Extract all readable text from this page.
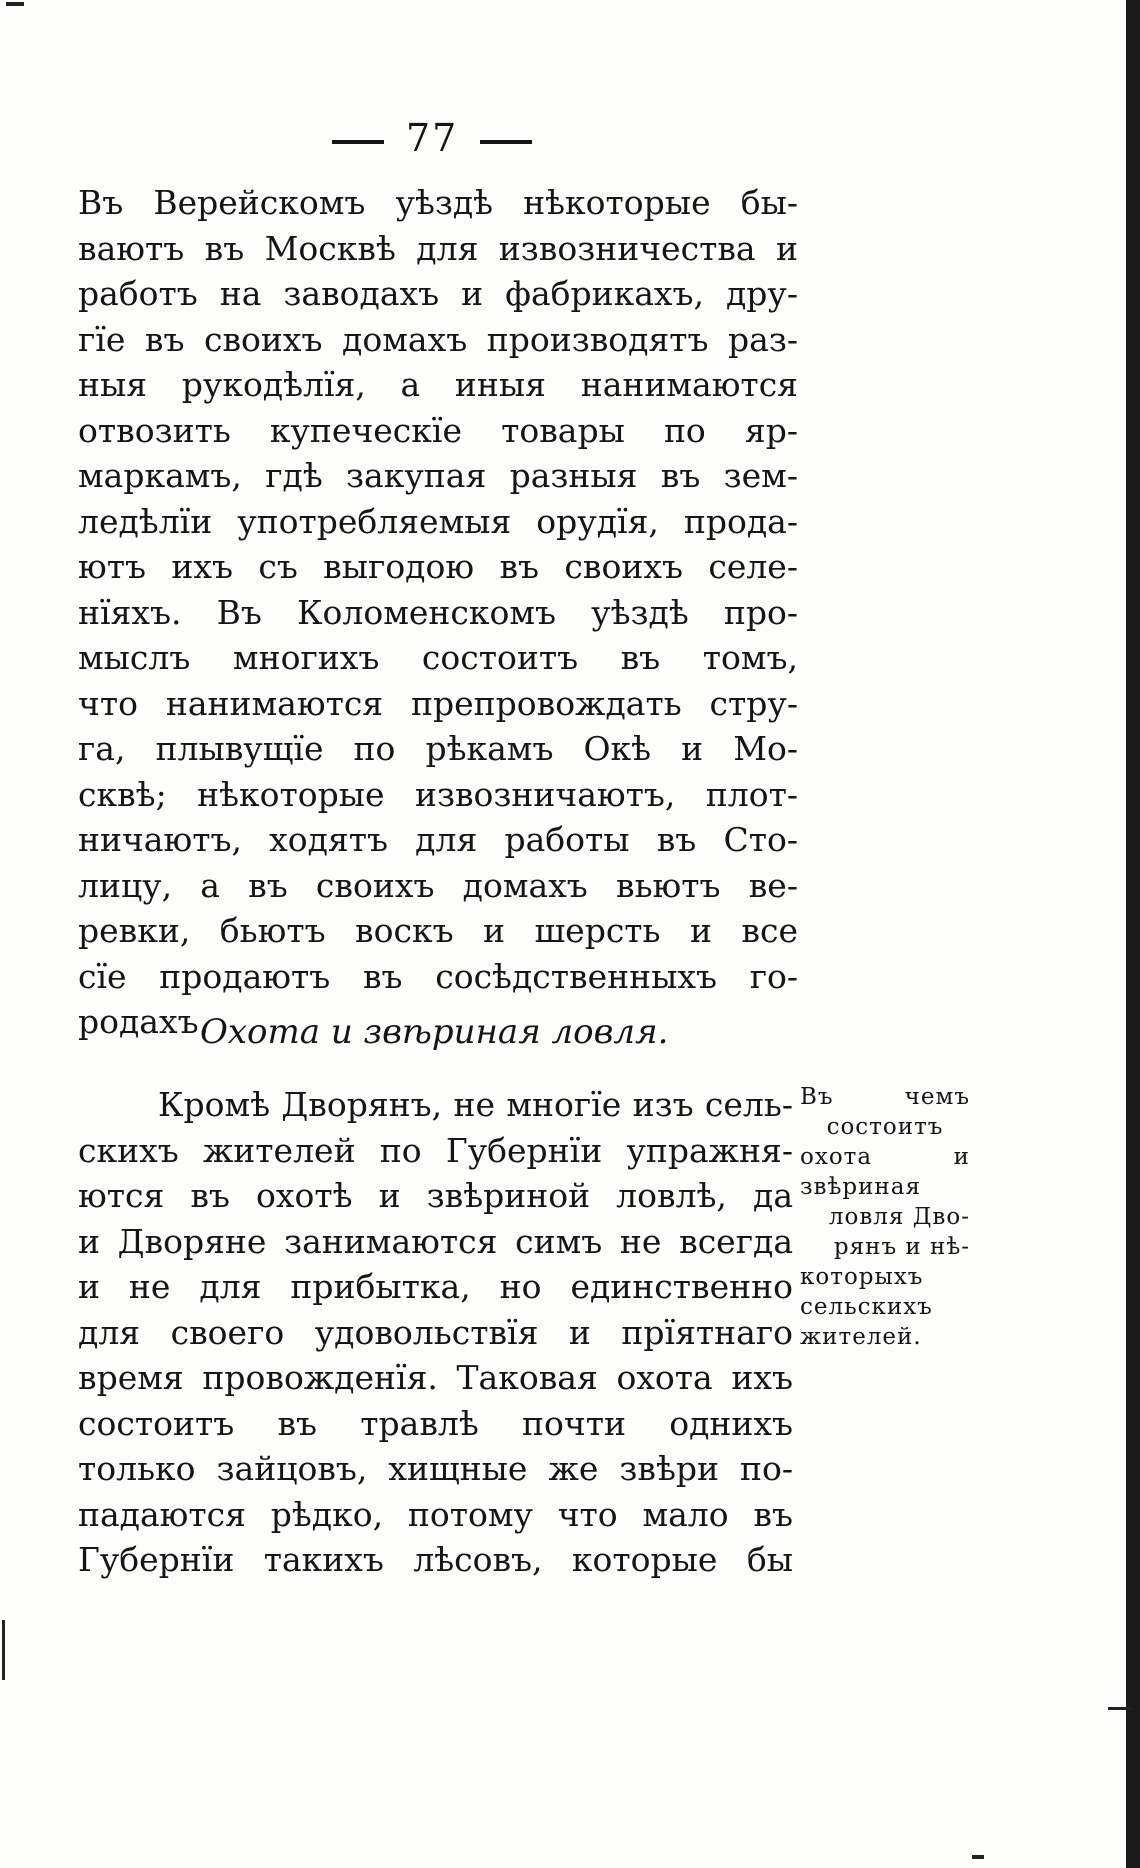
77
Въ Верейскомъ уѣздѣ нѣкоторые бы-
ваютъ въ Москвѣ для извозничества и
работъ на заводахъ и фабрикахъ, дру-
гїе въ своихъ домахъ производятъ раз-
ныя рукодѣлїя, а иныя нанимаются
отвозить купеческїе товары по яр-
маркамъ, гдѣ закупая разныя въ зем-
ледѣлїи употребляемыя орудїя, прода-
ютъ ихъ съ выгодою въ своихъ селе-
нїяхъ. Въ Коломенскомъ уѣздѣ про-
мыслъ многихъ состоитъ въ томъ,
что нанимаются препровождать стру-
га, плывущїе по рѣкамъ Окѣ и Мо-
сквѣ; нѣкоторые извозничаютъ, плот-
ничаютъ, ходятъ для работы въ Сто-
лицу, а въ своихъ домахъ вьютъ ве-
ревки, бьютъ воскъ и шерсть и все
сїе продаютъ въ сосѣдственныхъ го-
родахъ.
Охота и звѣриная ловля.
Кромѣ Дворянъ, не многїе изъ сель-
скихъ жителей по Губернїи упражня-
ются въ охотѣ и звѣриной ловлѣ, да
и Дворяне занимаются симъ не всегда
и не для прибытка, но единственно
для своего удовольствїя и прїятнаго
время провожденїя. Таковая охота ихъ
состоитъ въ травлѣ почти однихъ
только зайцовъ, хищные же звѣри по-
падаются рѣдко, потому что мало въ
Губернїи такихъ лѣсовъ, которые бы
Въ чемъ
состоитъ
охота и
звѣриная
ловля Дво-
рянъ и нѣ-
которыхъ
сельскихъ
жителей.
